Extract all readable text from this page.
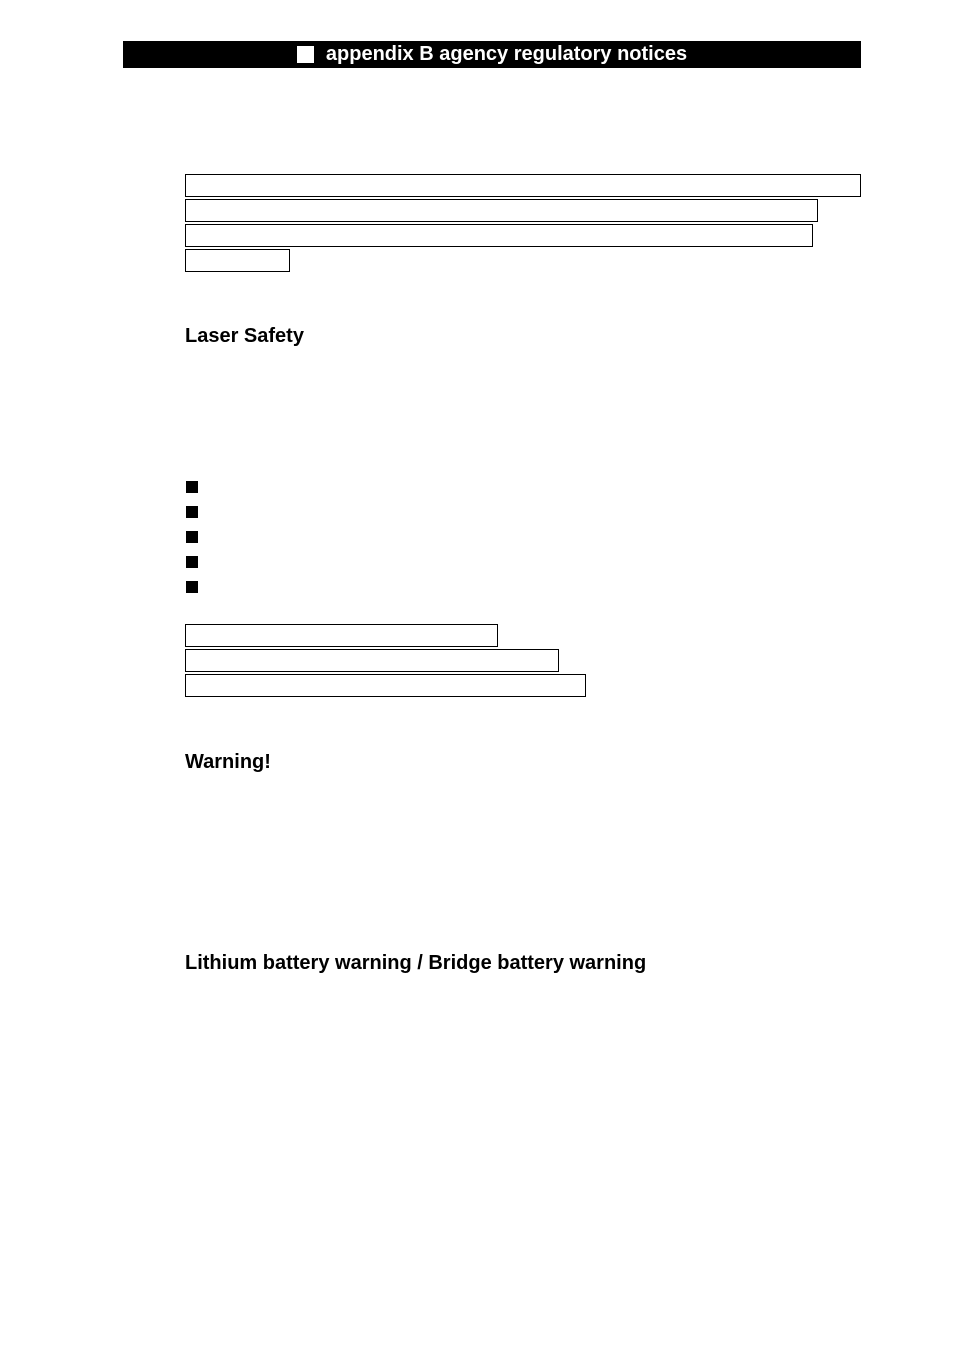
appendix B agency regulatory notices
Laser Safety
Warning!
Lithium battery warning / Bridge battery warning
